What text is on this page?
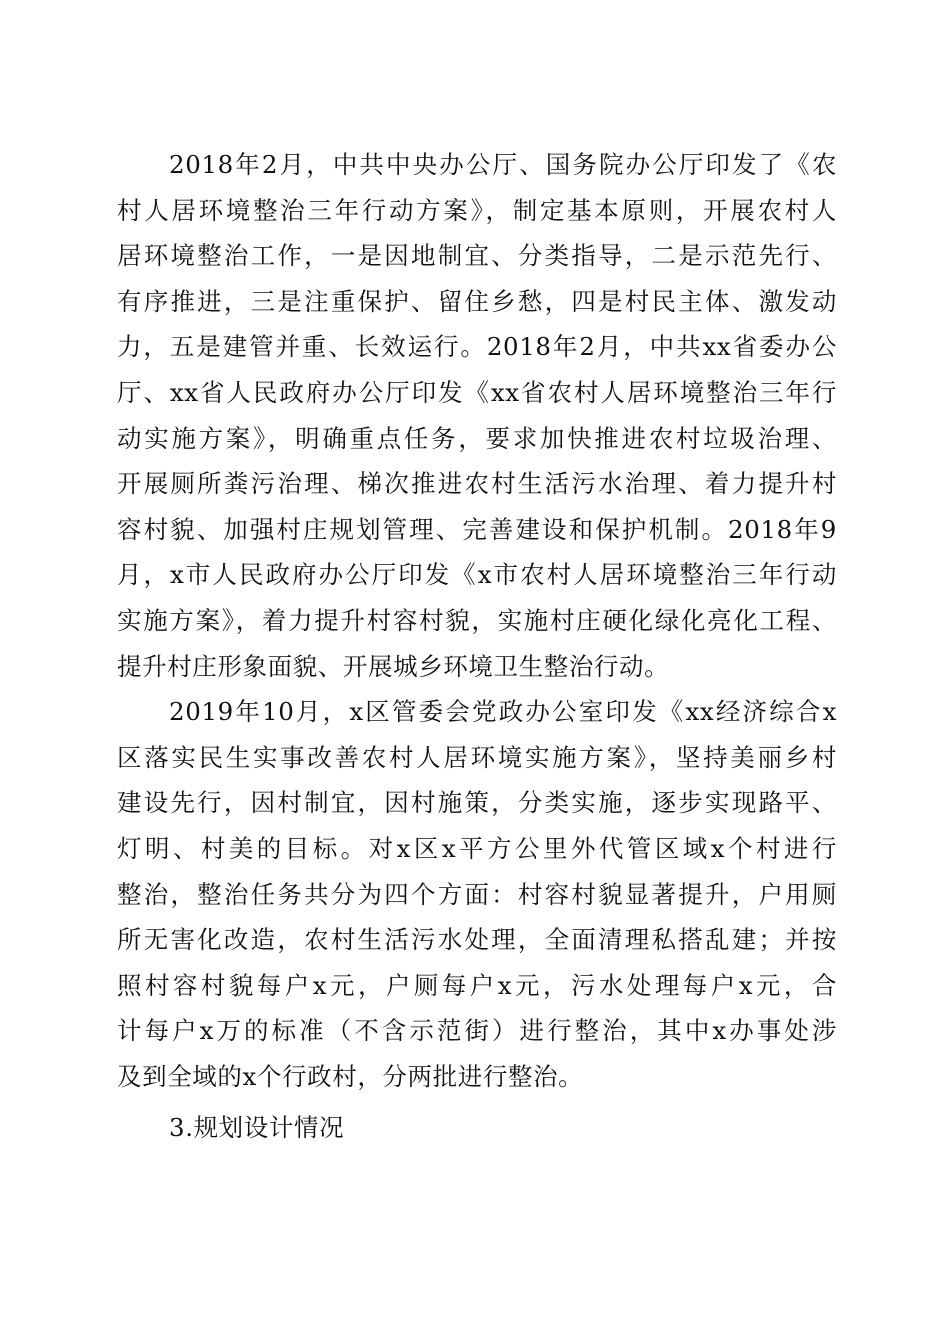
2018年2月，中共中央办公厅、国务院办公厅印发了《农
村人居环境整治三年行动方案》，制定基本原则，开展农村人
居环境整治工作，一是因地制宜、分类指导，二是示范先行、
有序推进，三是注重保护、留住乡愁，四是村民主体、激发动
力，五是建管并重、长效运行。2018年2月，中共xx省委办公
厅、xx省人民政府办公厅印发《xx省农村人居环境整治三年行
动实施方案》，明确重点任务，要求加快推进农村垃圾治理、
开展厕所粪污治理、梯次推进农村生活污水治理、着力提升村
容村貌、加强村庄规划管理、完善建设和保护机制。2018年9
月，x市人民政府办公厅印发《x市农村人居环境整治三年行动
实施方案》，着力提升村容村貌，实施村庄硬化绿化亮化工程、
提升村庄形象面貌、开展城乡环境卫生整治行动。
2019年10月，x区管委会党政办公室印发《xx经济综合x
区落实民生实事改善农村人居环境实施方案》，坚持美丽乡村
建设先行，因村制宜，因村施策，分类实施，逐步实现路平、
灯明、村美的目标。对x区x平方公里外代管区域x个村进行
整治，整治任务共分为四个方面：村容村貌显著提升，户用厕
所无害化改造，农村生活污水处理，全面清理私搭乱建；并按
照村容村貌每户x元，户厕每户x元，污水处理每户x元，合
计每户x万的标准（不含示范街）进行整治，其中x办事处涉
及到全域的x个行政村，分两批进行整治。
3.规划设计情况
